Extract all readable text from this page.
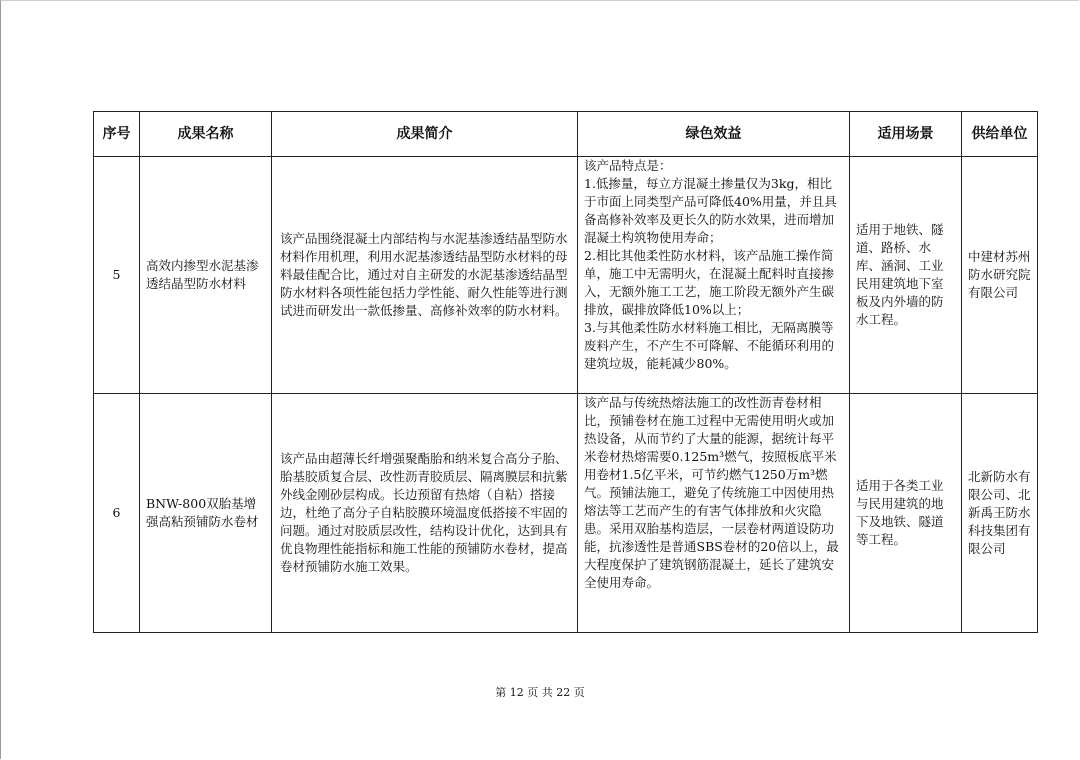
序号	成果名称	成果简介	绿色效益	适用场景	供给单位
5	高效内掺型水泥基渗透结晶型防水材料	该产品围绕混凝土内部结构与水泥基渗透结晶型防水材料作用机理，利用水泥基渗透结晶型防水材料的母料最佳配合比，通过对自主研发的水泥基渗透结晶型防水材料各项性能包括力学性能、耐久性能等进行测试进而研发出一款低掺量、高修补效率的防水材料。	该产品特点是：
1.低掺量，每立方混凝土掺量仅为3kg，相比于市面上同类型产品可降低40%用量，并且具备高修补效率及更长久的防水效果，进而增加混凝土构筑物使用寿命；
2.相比其他柔性防水材料，该产品施工操作简单，施工中无需明火，在混凝土配料时直接掺入，无额外施工工艺，施工阶段无额外产生碳排放，碳排放降低10%以上；
3.与其他柔性防水材料施工相比，无隔离膜等废料产生，不产生不可降解、不能循环利用的建筑垃圾，能耗减少80%。	适用于地铁、隧道、路桥、水库、涵洞、工业民用建筑地下室板及内外墙的防水工程。	中建材苏州防水研究院有限公司
6	BNW-800双胎基增强高粘预铺防水卷材	该产品由超薄长纤增强聚酯胎和纳米复合高分子胎、胎基胶质复合层、改性沥青胶质层、隔离膜层和抗紫外线金刚砂层构成。长边预留有热熔（自粘）搭接边，杜绝了高分子自粘胶膜环境温度低搭接不牢固的问题。通过对胶质层改性，结构设计优化，达到具有优良物理性能指标和施工性能的预铺防水卷材，提高卷材预铺防水施工效果。	该产品与传统热熔法施工的改性沥青卷材相比，预铺卷材在施工过程中无需使用明火或加热设备，从而节约了大量的能源，据统计每平米卷材热熔需要0.125m³燃气，按照板底平米用卷材1.5亿平米，可节约燃气1250万m³燃气。预铺法施工，避免了传统施工中因使用热熔法等工艺而产生的有害气体排放和火灾隐患。采用双胎基构造层，一层卷材两道设防功能，抗渗透性是普通SBS卷材的20倍以上，最大程度保护了建筑钢筋混凝土，延长了建筑安全使用寿命。	适用于各类工业与民用建筑的地下及地铁、隧道等工程。	北新防水有限公司、北新禹王防水科技集团有限公司
第 12 页 共 22 页
